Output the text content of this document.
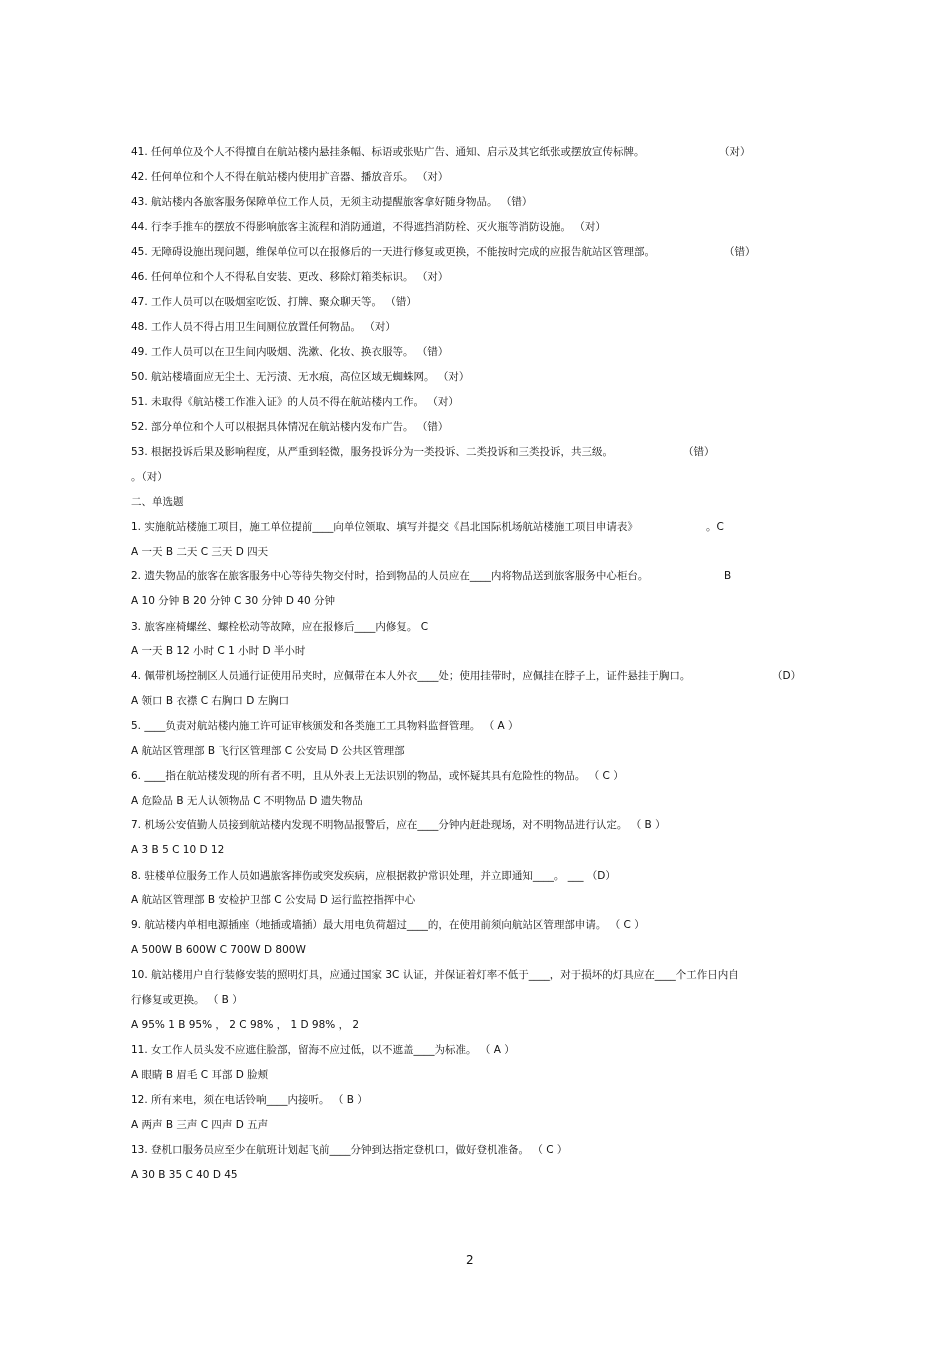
41. 任何单位及个人不得擅自在航站楼内悬挂条幅、标语或张贴广告、通知、启示及其它纸张或摆放宣传标牌。	（对）
42. 任何单位和个人不得在航站楼内使用扩音器、播放音乐。 （对）
43. 航站楼内各旅客服务保障单位工作人员，无须主动提醒旅客拿好随身物品。 （错）
44. 行李手推车的摆放不得影响旅客主流程和消防通道，不得遮挡消防栓、灭火瓶等消防设施。 （对）
45. 无障碍设施出现问题，维保单位可以在报修后的一天进行修复或更换，不能按时完成的应报告航站区管理部。	（错）
46. 任何单位和个人不得私自安装、更改、移除灯箱类标识。 （对）
47. 工作人员可以在吸烟室吃饭、打牌、聚众聊天等。 （错）
48. 工作人员不得占用卫生间厕位放置任何物品。 （对）
49. 工作人员可以在卫生间内吸烟、洗漱、化妆、换衣服等。 （错）
50. 航站楼墙面应无尘土、无污渍、无水痕，高位区域无蜘蛛网。 （对）
51. 未取得《航站楼工作准入证》的人员不得在航站楼内工作。 （对）
52. 部分单位和个人可以根据具体情况在航站楼内发布广告。 （错）
53. 根据投诉后果及影响程度，从严重到轻微，服务投诉分为一类投诉、二类投诉和三类投诉，共三级。	（错）
。（对）
二、单选题
1. 实施航站楼施工项目，施工单位提前____向单位领取、填写并提交《昌北国际机场航站楼施工项目申请表》	。C
A 一天 B 二天 C 三天 D 四天
2. 遗失物品的旅客在旅客服务中心等待失物交付时，拾到物品的人员应在____内将物品送到旅客服务中心柜台。	B
A 10 分钟 B 20 分钟 C 30 分钟 D 40 分钟
3. 旅客座椅螺丝、螺栓松动等故障，应在报修后____内修复。 C
A 一天 B 12 小时 C 1 小时 D 半小时
4. 佩带机场控制区人员通行证使用吊夹时，应佩带在本人外衣____处；使用挂带时，应佩挂在脖子上，证件悬挂于胸口。	（D）
A 领口 B 衣襟 C 右胸口 D 左胸口
5. ____负责对航站楼内施工许可证审核颁发和各类施工工具物料监督管理。 （ A ）
A 航站区管理部 B 飞行区管理部 C 公安局 D 公共区管理部
6. ____指在航站楼发现的所有者不明，且从外表上无法识别的物品，或怀疑其具有危险性的物品。 （ C ）
A 危险品 B 无人认领物品 C 不明物品 D 遗失物品
7. 机场公安值勤人员接到航站楼内发现不明物品报警后，应在____分钟内赶赴现场，对不明物品进行认定。 （ B ）
A 3 B 5 C 10 D 12
8. 驻楼单位服务工作人员如遇旅客摔伤或突发疾病，应根据救护常识处理，并立即通知____。 ___ （D）
A 航站区管理部 B 安检护卫部 C 公安局 D 运行监控指挥中心
9. 航站楼内单相电源插座（地插或墙插）最大用电负荷超过____的，在使用前须向航站区管理部申请。 （ C ）
A 500W B 600W C 700W D 800W
10. 航站楼用户自行装修安装的照明灯具，应通过国家 3C 认证，并保证着灯率不低于____，对于损坏的灯具应在____个工作日内自
行修复或更换。 （ B ）
A 95% 1 B 95% ， 2 C 98% ， 1 D 98% ， 2
11. 女工作人员头发不应遮住脸部，留海不应过低，以不遮盖____为标准。 （ A ）
A 眼睛 B 眉毛 C 耳部 D 脸颊
12. 所有来电，须在电话铃响____内接听。 （ B ）
A 两声 B 三声 C 四声 D 五声
13. 登机口服务员应至少在航班计划起飞前____分钟到达指定登机口，做好登机准备。 （ C ）
A 30 B 35 C 40 D 45
2
